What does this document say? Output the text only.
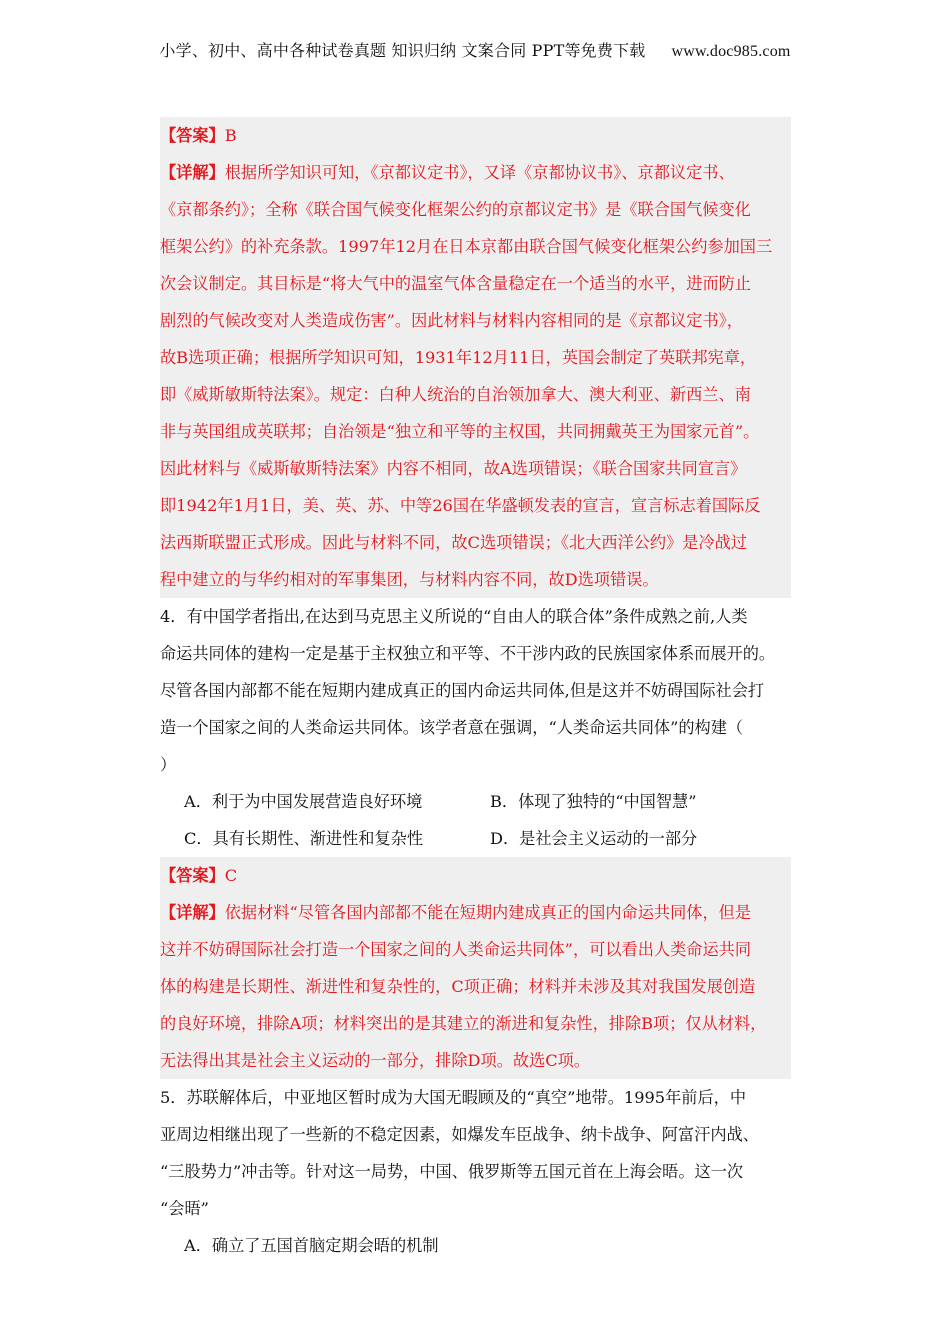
小学、初中、高中各种试卷真题 知识归纳 文案合同 PPT等免费下载 www.doc985.com
【答案】B
【详解】根据所学知识可知，《京都议定书》，又译《京都协议书》、京都议定书、
《京都条约》；全称《联合国气候变化框架公约的京都议定书》是《联合国气候变化
框架公约》的补充条款。1997年12月在日本京都由联合国气候变化框架公约参加国三
次会议制定。其目标是“将大气中的温室气体含量稳定在一个适当的水平，进而防止
剧烈的气候改变对人类造成伤害”。因此材料与材料内容相同的是《京都议定书》，
故B选项正确；根据所学知识可知，1931年12月11日，英国会制定了英联邦宪章，
即《威斯敏斯特法案》。规定：白种人统治的自治领加拿大、澳大利亚、新西兰、南
非与英国组成英联邦；自治领是“独立和平等的主权国，共同拥戴英王为国家元首”。
因此材料与《威斯敏斯特法案》内容不相同，故A选项错误；《联合国家共同宣言》
即1942年1月1日，美、英、苏、中等26国在华盛顿发表的宣言，宣言标志着国际反
法西斯联盟正式形成。因此与材料不同，故C选项错误；《北大西洋公约》是冷战过
程中建立的与华约相对的军事集团，与材料内容不同，故D选项错误。
4．有中国学者指出,在达到马克思主义所说的“自由人的联合体”条件成熟之前,人类
命运共同体的建构一定是基于主权独立和平等、不干涉内政的民族国家体系而展开的。
尽管各国内部都不能在短期内建成真正的国内命运共同体,但是这并不妨碍国际社会打
造一个国家之间的人类命运共同体。该学者意在强调，“人类命运共同体”的构建（
）
A．利于为中国发展营造良好环境	B．体现了独特的“中国智慧”
C．具有长期性、渐进性和复杂性	D．是社会主义运动的一部分
【答案】C
【详解】依据材料“尽管各国内部都不能在短期内建成真正的国内命运共同体，但是
这并不妨碍国际社会打造一个国家之间的人类命运共同体”，可以看出人类命运共同
体的构建是长期性、渐进性和复杂性的，C项正确；材料并未涉及其对我国发展创造
的良好环境，排除A项；材料突出的是其建立的渐进和复杂性，排除B项；仅从材料，
无法得出其是社会主义运动的一部分，排除D项。故选C项。
5．苏联解体后，中亚地区暂时成为大国无暇顾及的“真空”地带。1995年前后，中
亚周边相继出现了一些新的不稳定因素，如爆发车臣战争、纳卡战争、阿富汗内战、
“三股势力”冲击等。针对这一局势，中国、俄罗斯等五国元首在上海会晤。这一次
“会晤”
A．确立了五国首脑定期会晤的机制
